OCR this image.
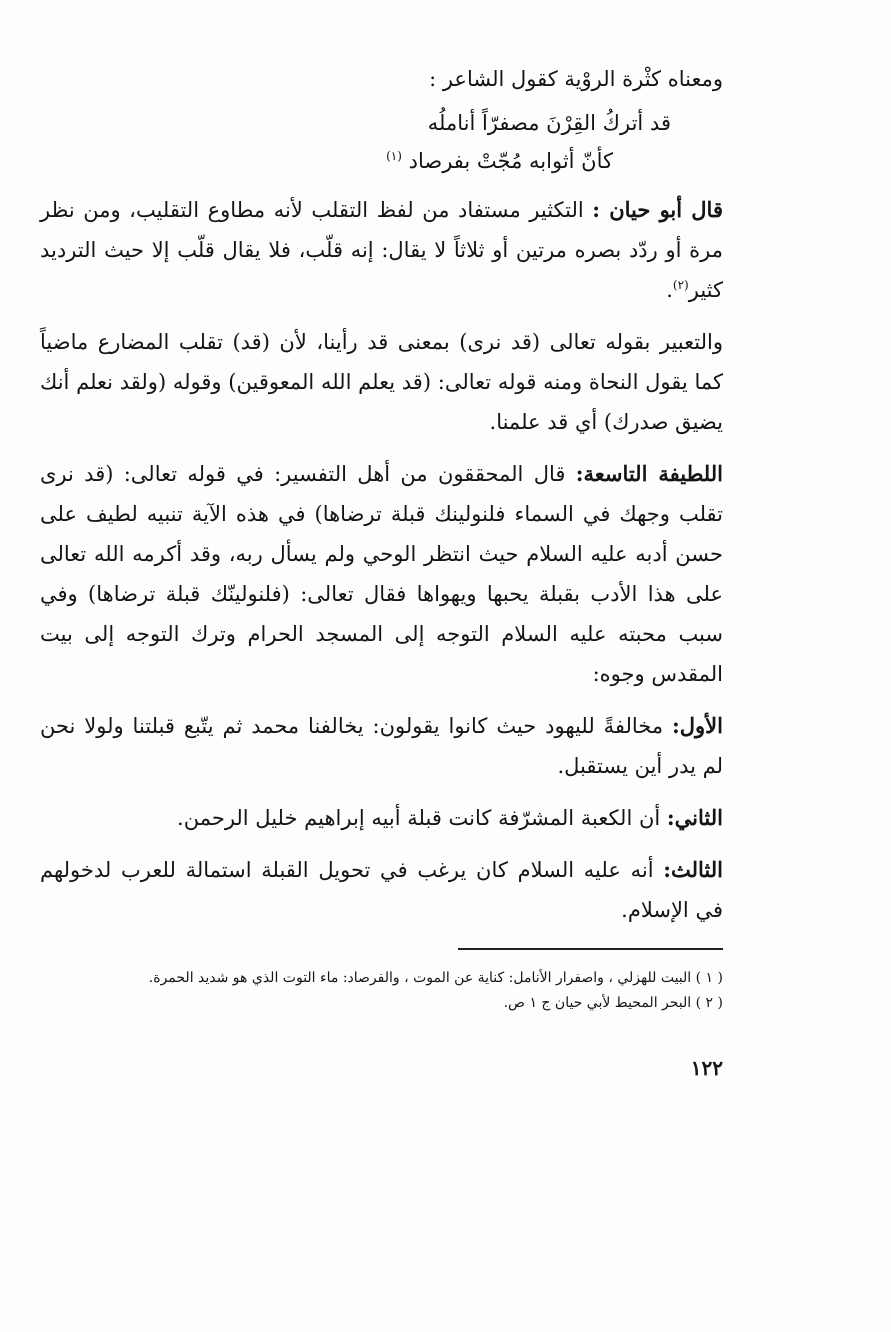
ومعناه كثْرة الروْية كقول الشاعر :

قد أتركُ القِرْنَ مصفرّاً أناملُه
كأنّ أثوابه مُجّتْ بفرصاد $^{(١)}$

قال أبو حيان : التكثير مستفاد من لفظ التقلب لأنه مطاوع التقليب، ومن نظر مرة أو ردّد بصره مرتين أو ثلاثاً لا يقال: إنه قلّب، فلا يقال قلّب إلا حيث الترديد كثير$^{(٢)}$.

والتعبير بقوله تعالى (قد نرى) بمعنى قد رأينا، لأن (قد) تقلب المضارع ماضياً كما يقول النحاة ومنه قوله تعالى: (قد يعلم الله المعوقين) وقوله (ولقد نعلم أنك يضيق صدرك) أي قد علمنا.

اللطيفة التاسعة: قال المحققون من أهل التفسير: في قوله تعالى: (قد نرى تقلب وجهك في السماء فلنولينك قبلة ترضاها) في هذه الآية تنبيه لطيف على حسن أدبه عليه السلام حيث انتظر الوحي ولم يسأل ربه، وقد أكرمه الله تعالى على هذا الأدب بقبلة يحبها ويهواها فقال تعالى: (فلنولينّك قبلة ترضاها) وفي سبب محبته عليه السلام التوجه إلى المسجد الحرام وترك التوجه إلى بيت المقدس وجوه:

الأول: مخالفةً لليهود حيث كانوا يقولون: يخالفنا محمد ثم يتّبع قبلتنا ولولا نحن لم يدر أين يستقبل.

الثاني: أن الكعبة المشرّفة كانت قبلة أبيه إبراهيم خليل الرحمن.

الثالث: أنه عليه السلام كان يرغب في تحويل القبلة استمالة للعرب لدخولهم في الإسلام.

( ١ ) البيت للهزلي ، واصفرار الأنامل: كناية عن الموت ، والفرصاد: ماء التوت الذي هو شديد الحمرة.

( ٢ ) البحر المحيط لأبي حيان ج ١ ص.

١٢٢
